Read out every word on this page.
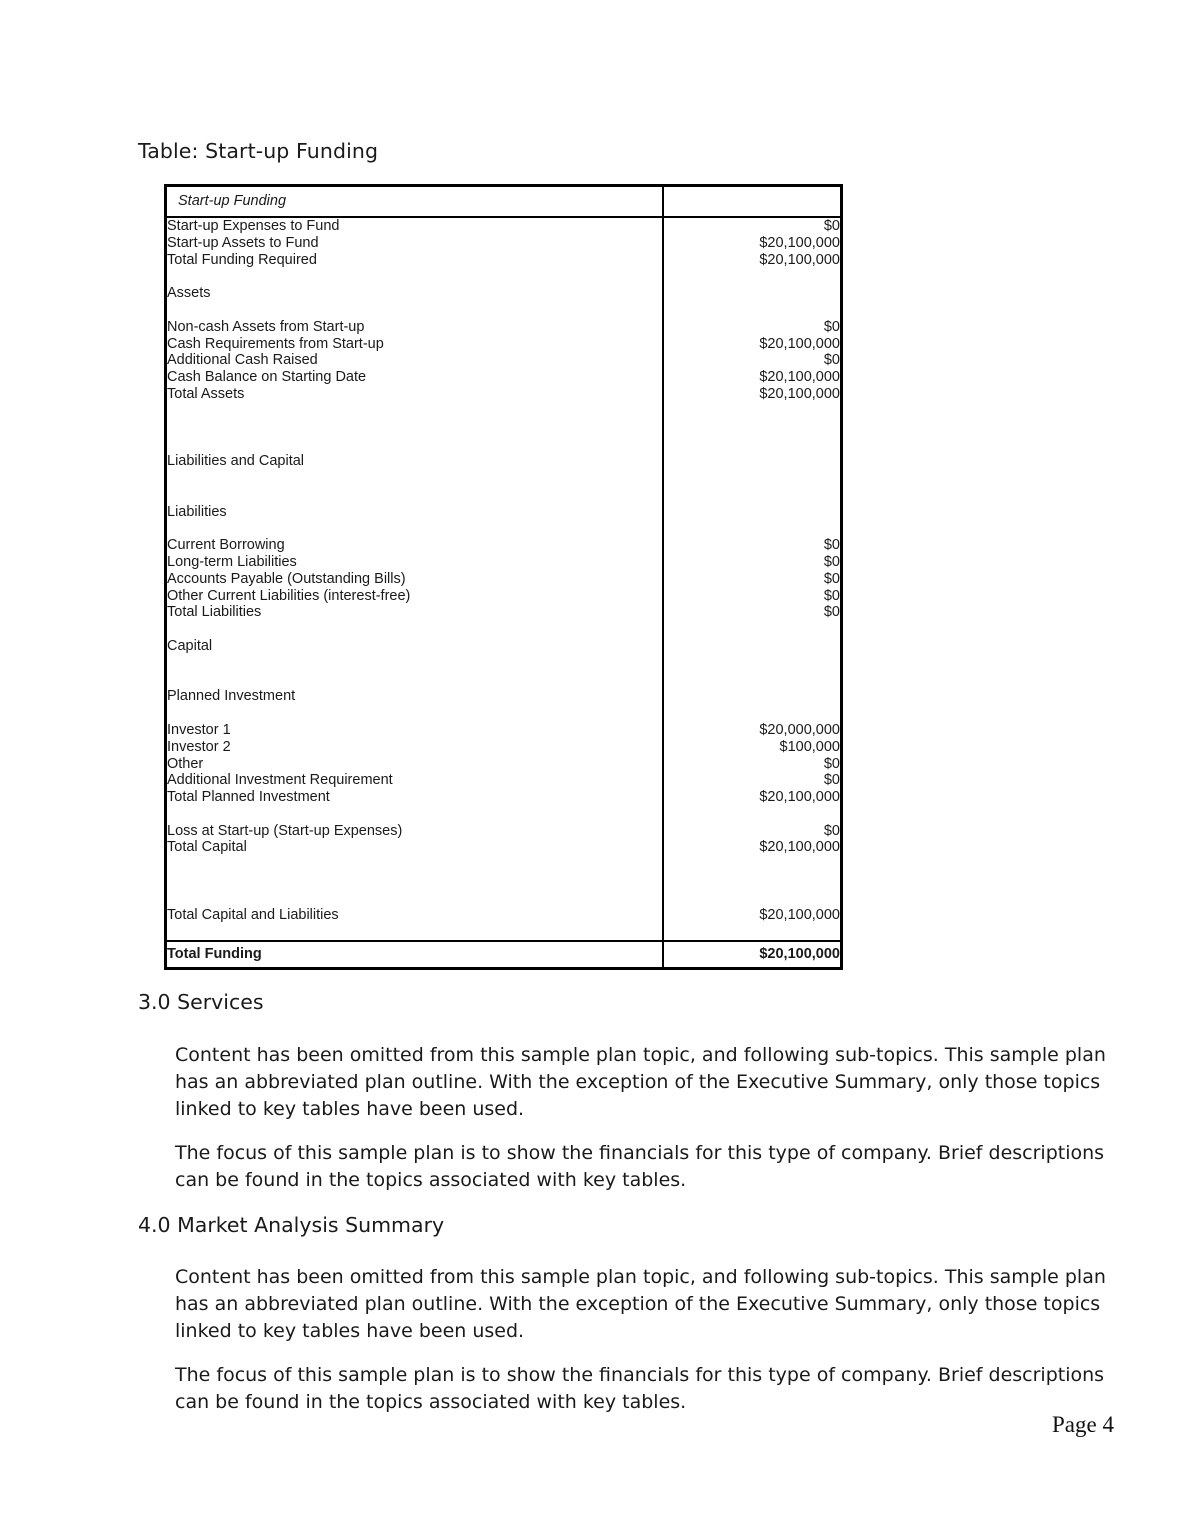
Table: Start-up Funding
Start-up Funding	

Start-up Expenses to Fund	$0
Start-up Assets to Fund	$20,100,000
Total Funding Required	$20,100,000

Assets	

Non-cash Assets from Start-up	$0
Cash Requirements from Start-up	$20,100,000
Additional Cash Raised	$0
Cash Balance on Starting Date	$20,100,000
Total Assets	$20,100,000

Liabilities and Capital	

Liabilities	

Current Borrowing	$0
Long-term Liabilities	$0
Accounts Payable (Outstanding Bills)	$0
Other Current Liabilities (interest-free)	$0
Total Liabilities	$0

Capital	

Planned Investment	

Investor 1	$20,000,000
Investor 2	$100,000
Other	$0
Additional Investment Requirement	$0
Total Planned Investment	$20,100,000

Loss at Start-up (Start-up Expenses)	$0
Total Capital	$20,100,000

Total Capital and Liabilities	$20,100,000

Total Funding	$20,100,000
3.0 Services
Content has been omitted from this sample plan topic, and following sub-topics. This sample plan has an abbreviated plan outline. With the exception of the Executive Summary, only those topics linked to key tables have been used.
The focus of this sample plan is to show the financials for this type of company. Brief descriptions can be found in the topics associated with key tables.
4.0 Market Analysis Summary
Content has been omitted from this sample plan topic, and following sub-topics. This sample plan has an abbreviated plan outline. With the exception of the Executive Summary, only those topics linked to key tables have been used.
The focus of this sample plan is to show the financials for this type of company. Brief descriptions can be found in the topics associated with key tables.
Page 4
